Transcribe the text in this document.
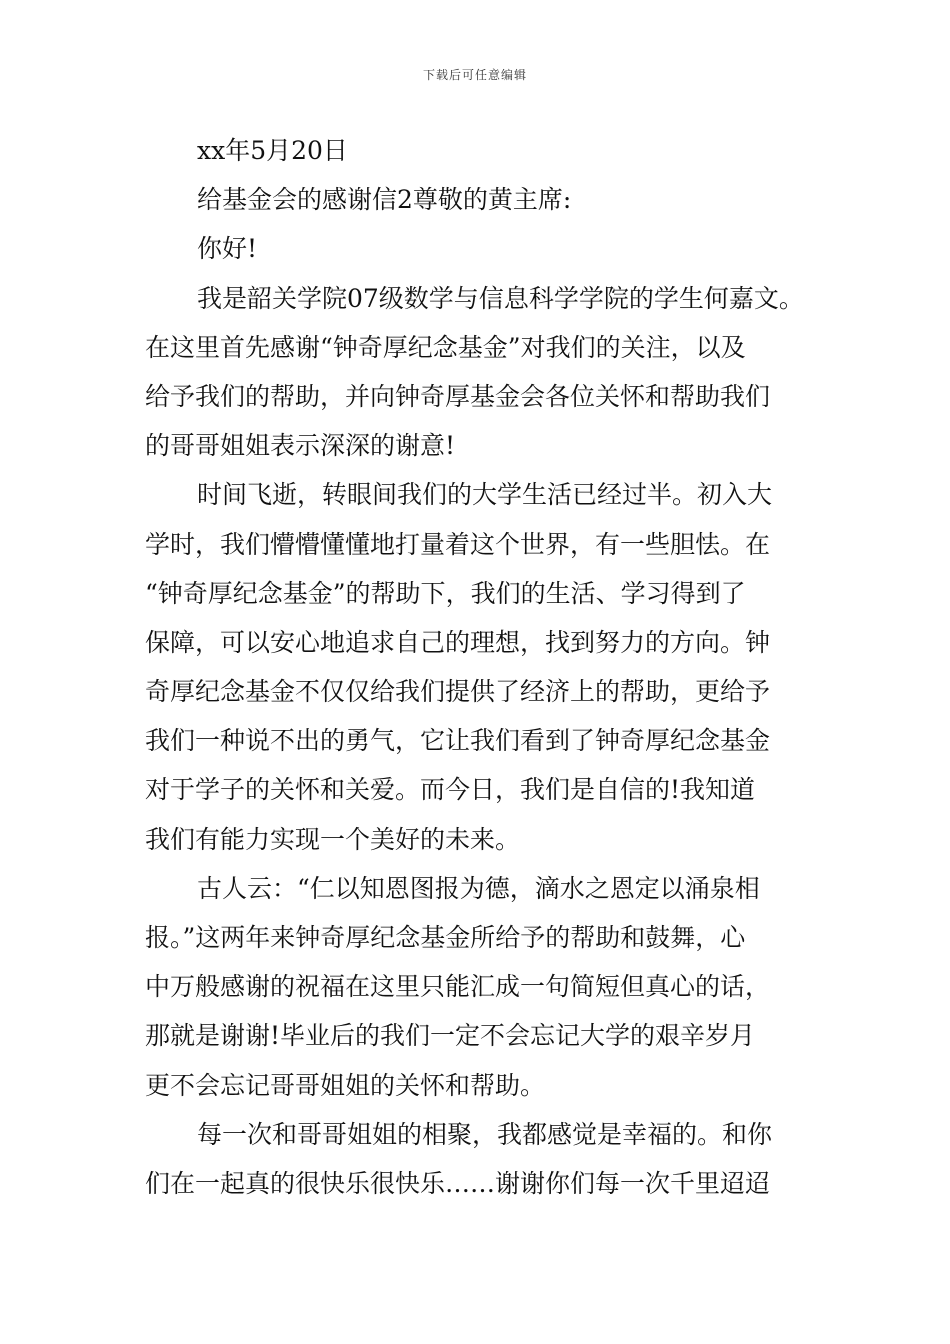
下载后可任意编辑
xx年5月20日
给基金会的感谢信2尊敬的黄主席:
你好!
我是韶关学院07级数学与信息科学学院的学生何嘉文。
在这里首先感谢“钟奇厚纪念基金”对我们的关注，以及
给予我们的帮助，并向钟奇厚基金会各位关怀和帮助我们
的哥哥姐姐表示深深的谢意!
时间飞逝，转眼间我们的大学生活已经过半。初入大
学时，我们懵懵懂懂地打量着这个世界，有一些胆怯。在
“钟奇厚纪念基金”的帮助下，我们的生活、学习得到了
保障，可以安心地追求自己的理想，找到努力的方向。钟
奇厚纪念基金不仅仅给我们提供了经济上的帮助，更给予
我们一种说不出的勇气，它让我们看到了钟奇厚纪念基金
对于学子的关怀和关爱。而今日，我们是自信的!我知道
我们有能力实现一个美好的未来。
古人云：“仁以知恩图报为德，滴水之恩定以涌泉相
报。”这两年来钟奇厚纪念基金所给予的帮助和鼓舞，心
中万般感谢的祝福在这里只能汇成一句简短但真心的话，
那就是谢谢!毕业后的我们一定不会忘记大学的艰辛岁月
更不会忘记哥哥姐姐的关怀和帮助。
每一次和哥哥姐姐的相聚，我都感觉是幸福的。和你
们在一起真的很快乐很快乐……谢谢你们每一次千里迢迢
